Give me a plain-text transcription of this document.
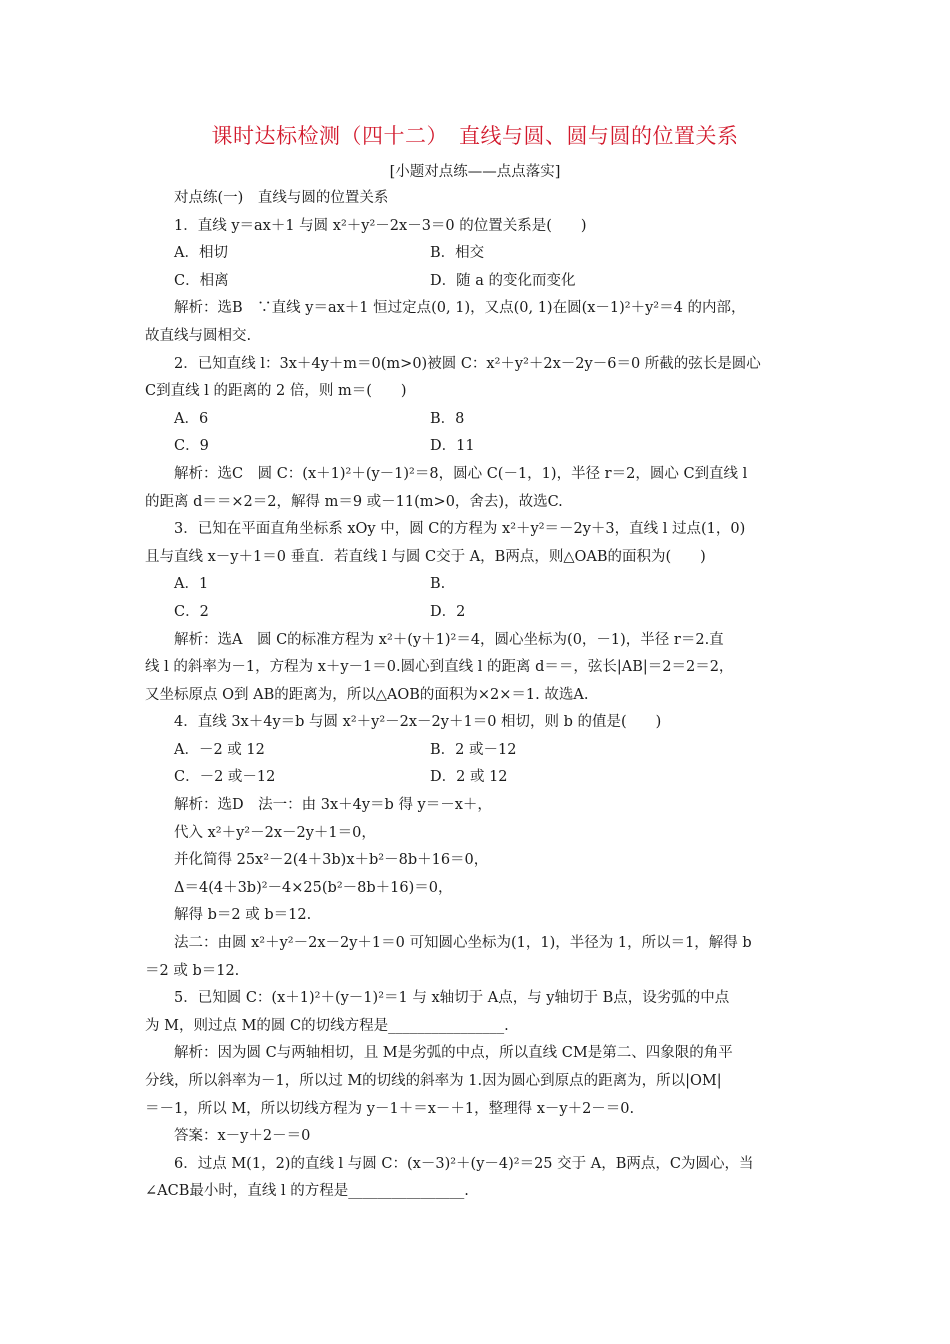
课时达标检测（四十二）　直线与圆、圆与圆的位置关系
[小题对点练——点点落实]
对点练(一)　直线与圆的位置关系
1．直线 y＝ax＋1 与圆 x²＋y²－2x－3＝0 的位置关系是(　　)
A．相切	B．相交
C．相离	D．随 a 的变化而变化
解析：选B　∵直线 y＝ax＋1 恒过定点(0, 1)，又点(0, 1)在圆(x－1)²＋y²＝4 的内部，
故直线与圆相交.
2．已知直线 l：3x＋4y＋m＝0(m>0)被圆 C：x²＋y²＋2x－2y－6＝0 所截的弦长是圆心
C到直线 l 的距离的 2 倍，则 m＝(　　)
A．6	B．8
C．9	D．11
解析：选C　圆 C：(x＋1)²＋(y－1)²＝8，圆心 C(－1，1)，半径 r＝2，圆心 C到直线 l
的距离 d＝＝×2＝2，解得 m＝9 或－11(m>0，舍去)，故选C.
3．已知在平面直角坐标系 xOy 中，圆 C的方程为 x²＋y²＝－2y＋3，直线 l 过点(1，0)
且与直线 x－y＋1＝0 垂直．若直线 l 与圆 C交于 A，B两点，则△OAB的面积为(　　)
A．1	B.
C．2	D．2
解析：选A　圆 C的标准方程为 x²＋(y＋1)²＝4，圆心坐标为(0，－1)，半径 r＝2.直
线 l 的斜率为－1，方程为 x＋y－1＝0.圆心到直线 l 的距离 d＝＝，弦长|AB|＝2＝2＝2，
又坐标原点 O到 AB的距离为，所以△AOB的面积为×2×＝1. 故选A.
4．直线 3x＋4y＝b 与圆 x²＋y²－2x－2y＋1＝0 相切，则 b 的值是(　　)
A．－2 或 12	B．2 或－12
C．－2 或－12	D．2 或 12
解析：选D　法一：由 3x＋4y＝b 得 y＝－x＋，
代入 x²＋y²－2x－2y＋1＝0，
并化简得 25x²－2(4＋3b)x＋b²－8b＋16＝0，
Δ＝4(4＋3b)²－4×25(b²－8b＋16)＝0，
解得 b＝2 或 b＝12.
法二：由圆 x²＋y²－2x－2y＋1＝0 可知圆心坐标为(1，1)，半径为 1，所以＝1，解得 b
＝2 或 b＝12.
5．已知圆 C：(x＋1)²＋(y－1)²＝1 与 x轴切于 A点，与 y轴切于 B点，设劣弧的中点
为 M，则过点 M的圆 C的切线方程是________________.
解析：因为圆 C与两轴相切，且 M是劣弧的中点，所以直线 CM是第二、四象限的角平
分线，所以斜率为－1，所以过 M的切线的斜率为 1.因为圆心到原点的距离为，所以|OM|
＝－1，所以 M，所以切线方程为 y－1＋＝x－＋1，整理得 x－y＋2－＝0.
答案：x－y＋2－＝0
6．过点 M(1，2)的直线 l 与圆 C：(x－3)²＋(y－4)²＝25 交于 A，B两点，C为圆心，当
∠ACB最小时，直线 l 的方程是________________.
